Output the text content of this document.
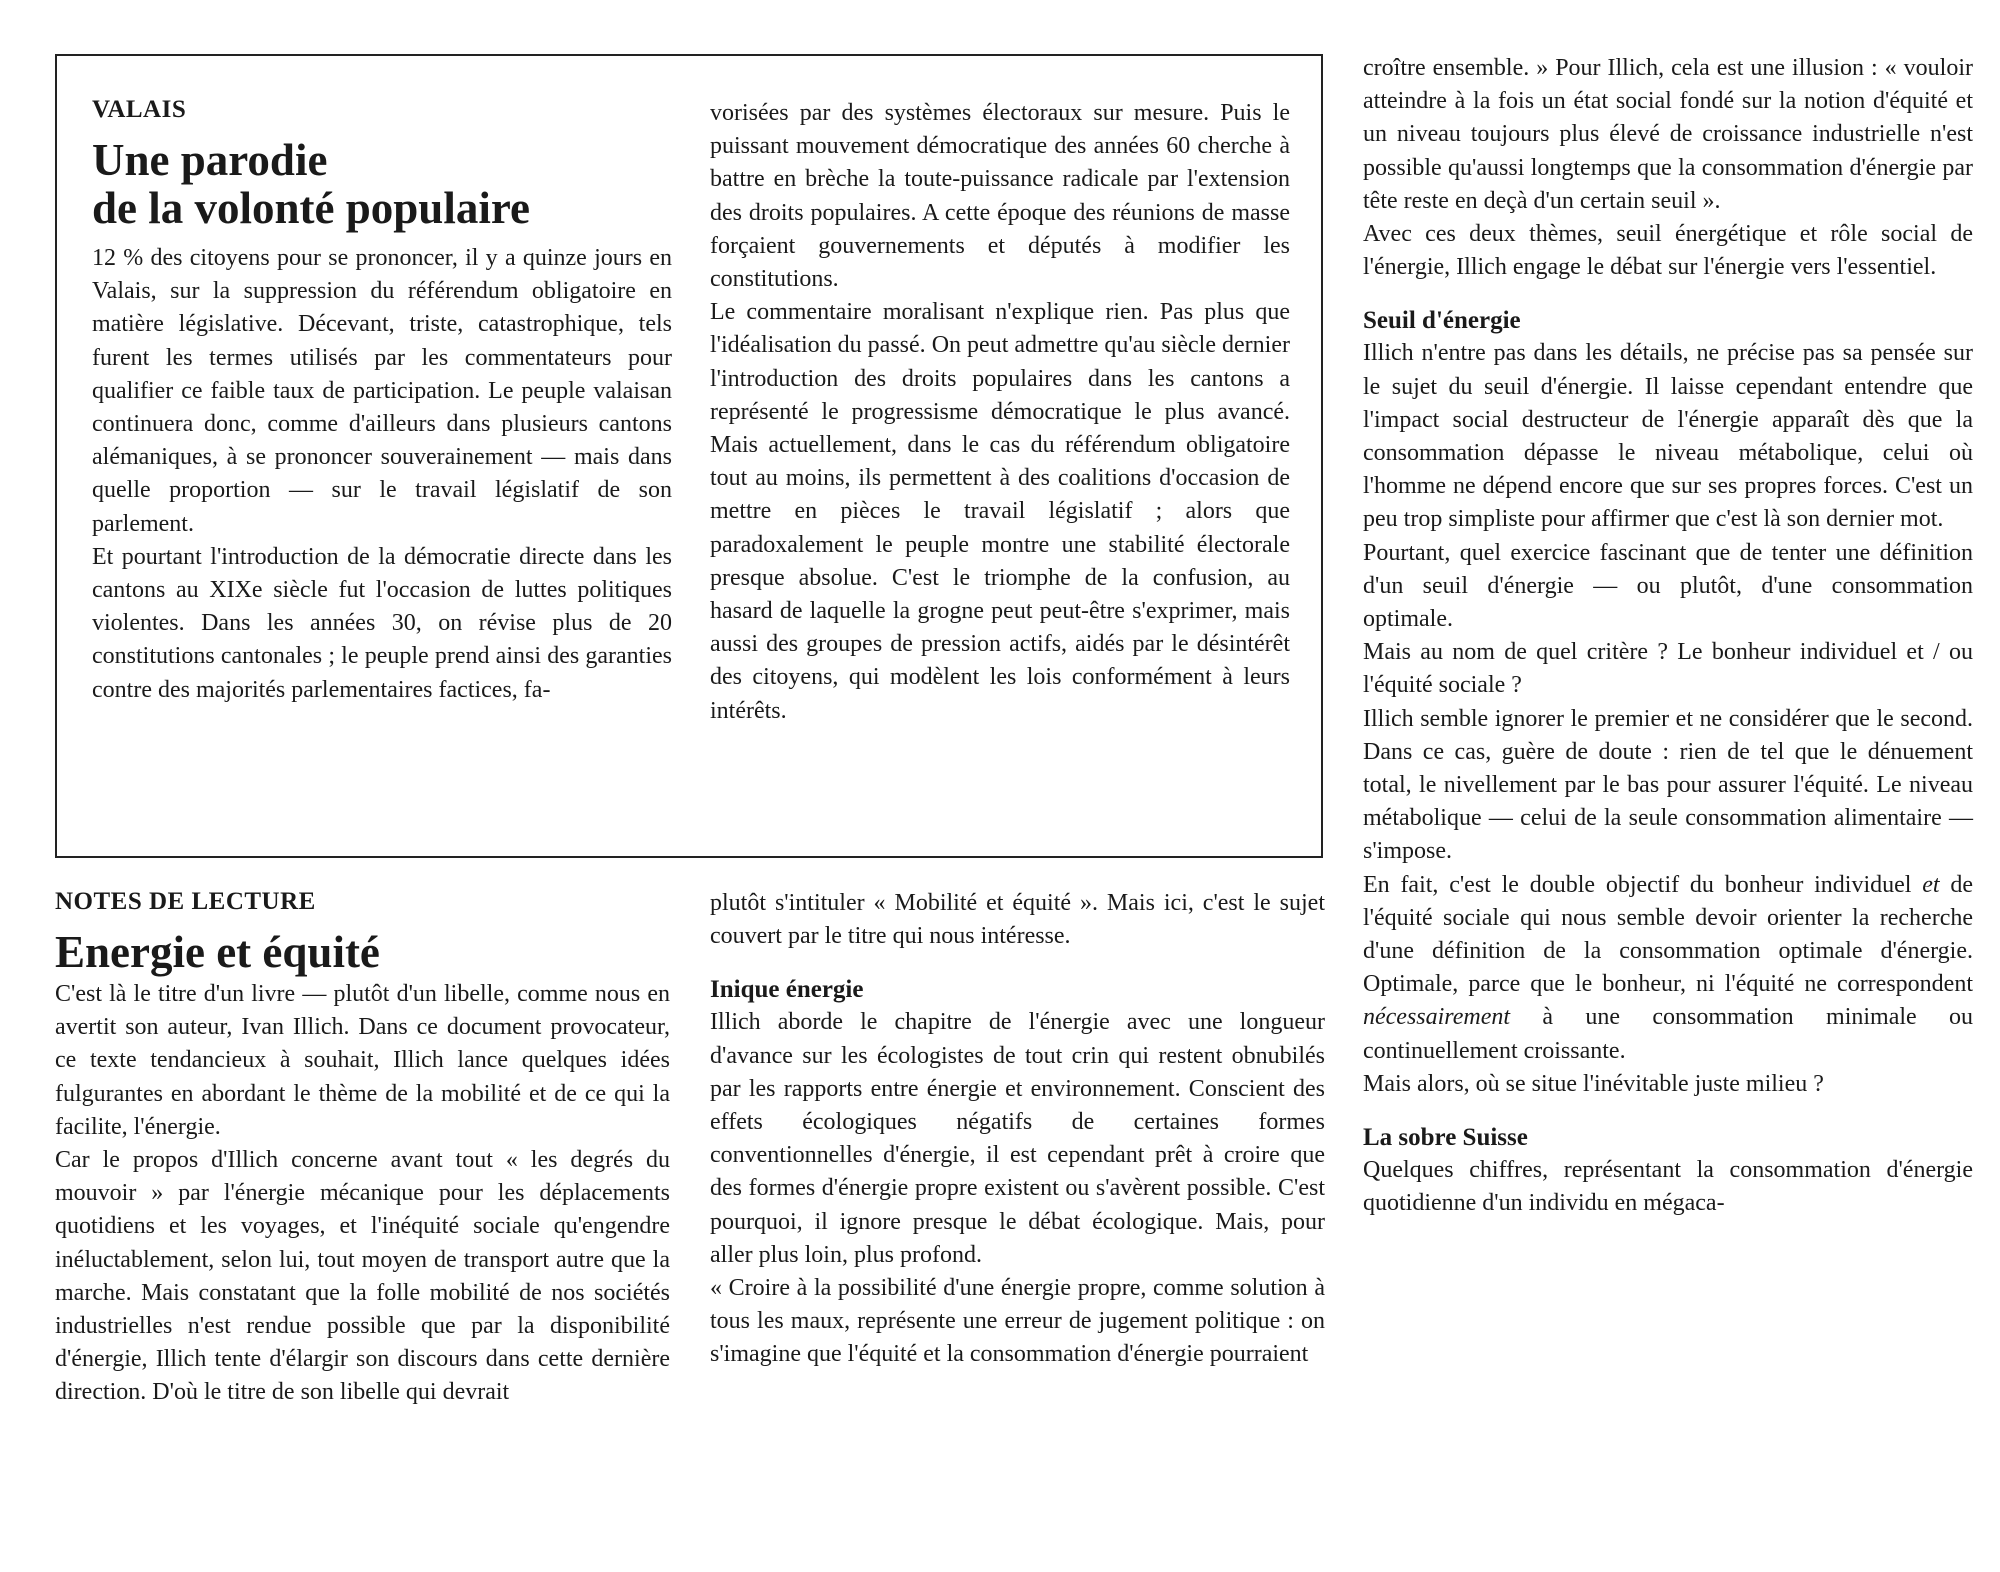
VALAIS
Une parodie
de la volonté populaire

12 % des citoyens pour se prononcer, il y a quinze jours en Valais, sur la suppression du référendum obligatoire en matière législative. Décevant, triste, catastrophique, tels furent les termes utilisés par les commentateurs pour qualifier ce faible taux de participation. Le peuple valaisan continuera donc, comme d'ailleurs dans plusieurs cantons alémaniques, à se prononcer souverainement — mais dans quelle proportion — sur le travail législatif de son parlement.

Et pourtant l'introduction de la démocratie directe dans les cantons au XIXe siècle fut l'occasion de luttes politiques violentes. Dans les années 30, on révise plus de 20 constitutions cantonales ; le peuple prend ainsi des garanties contre des majorités parlementaires factices, fa-

vorisées par des systèmes électoraux sur mesure. Puis le puissant mouvement démocratique des années 60 cherche à battre en brèche la toute-puissance radicale par l'extension des droits populaires. A cette époque des réunions de masse forçaient gouvernements et députés à modifier les constitutions.

Le commentaire moralisant n'explique rien. Pas plus que l'idéalisation du passé. On peut admettre qu'au siècle dernier l'introduction des droits populaires dans les cantons a représenté le progressisme démocratique le plus avancé. Mais actuellement, dans le cas du référendum obligatoire tout au moins, ils permettent à des coalitions d'occasion de mettre en pièces le travail législatif ; alors que paradoxalement le peuple montre une stabilité électorale presque absolue. C'est le triomphe de la confusion, au hasard de laquelle la grogne peut peut-être s'exprimer, mais aussi des groupes de pression actifs, aidés par le désintérêt des citoyens, qui modèlent les lois conformément à leurs intérêts.

NOTES DE LECTURE
Energie et équité

C'est là le titre d'un livre — plutôt d'un libelle, comme nous en avertit son auteur, Ivan Illich. Dans ce document provocateur, ce texte tendancieux à souhait, Illich lance quelques idées fulgurantes en abordant le thème de la mobilité et de ce qui la facilite, l'énergie.

Car le propos d'Illich concerne avant tout « les degrés du mouvoir » par l'énergie mécanique pour les déplacements quotidiens et les voyages, et l'inéquité sociale qu'engendre inéluctablement, selon lui, tout moyen de transport autre que la marche. Mais constatant que la folle mobilité de nos sociétés industrielles n'est rendue possible que par la disponibilité d'énergie, Illich tente d'élargir son discours dans cette dernière direction. D'où le titre de son libelle qui devrait

plutôt s'intituler « Mobilité et équité ». Mais ici, c'est le sujet couvert par le titre qui nous intéresse.

Inique énergie

Illich aborde le chapitre de l'énergie avec une longueur d'avance sur les écologistes de tout crin qui restent obnubilés par les rapports entre énergie et environnement. Conscient des effets écologiques négatifs de certaines formes conventionnelles d'énergie, il est cependant prêt à croire que des formes d'énergie propre existent ou s'avèrent possible. C'est pourquoi, il ignore presque le débat écologique. Mais, pour aller plus loin, plus profond.

« Croire à la possibilité d'une énergie propre, comme solution à tous les maux, représente une erreur de jugement politique : on s'imagine que l'équité et la consommation d'énergie pourraient

croître ensemble. » Pour Illich, cela est une illusion : « vouloir atteindre à la fois un état social fondé sur la notion d'équité et un niveau toujours plus élevé de croissance industrielle n'est possible qu'aussi longtemps que la consommation d'énergie par tête reste en deçà d'un certain seuil ».

Avec ces deux thèmes, seuil énergétique et rôle social de l'énergie, Illich engage le débat sur l'énergie vers l'essentiel.

Seuil d'énergie

Illich n'entre pas dans les détails, ne précise pas sa pensée sur le sujet du seuil d'énergie. Il laisse cependant entendre que l'impact social destructeur de l'énergie apparaît dès que la consommation dépasse le niveau métabolique, celui où l'homme ne dépend encore que sur ses propres forces. C'est un peu trop simpliste pour affirmer que c'est là son dernier mot.

Pourtant, quel exercice fascinant que de tenter une définition d'un seuil d'énergie — ou plutôt, d'une consommation optimale.

Mais au nom de quel critère ? Le bonheur individuel et / ou l'équité sociale ?

Illich semble ignorer le premier et ne considérer que le second. Dans ce cas, guère de doute : rien de tel que le dénuement total, le nivellement par le bas pour assurer l'équité. Le niveau métabolique — celui de la seule consommation alimentaire — s'impose.

En fait, c'est le double objectif du bonheur individuel et de l'équité sociale qui nous semble devoir orienter la recherche d'une définition de la consommation optimale d'énergie. Optimale, parce que le bonheur, ni l'équité ne correspondent nécessairement à une consommation minimale ou continuellement croissante.

Mais alors, où se situe l'inévitable juste milieu ?

La sobre Suisse

Quelques chiffres, représentant la consommation d'énergie quotidienne d'un individu en mégaca-
